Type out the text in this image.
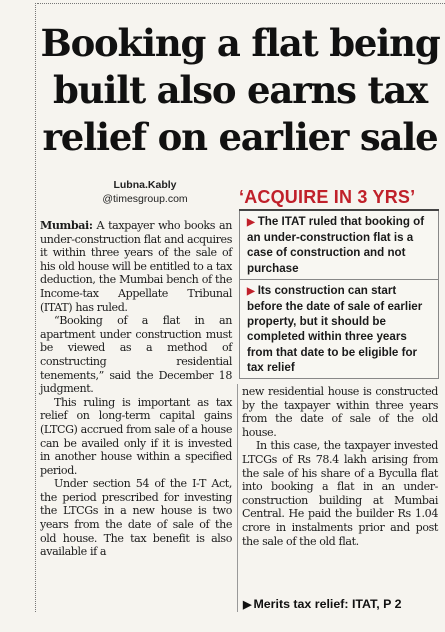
Booking a flat being
built also earns tax
relief on earlier sale
Lubna.Kably
@timesgroup.com	‘ACQUIRE IN 3 YRS’
▶ The ITAT ruled that booking of an under-construction flat is a case of construction and not purchase
▶ Its construction can start before the date of sale of earlier property, but it should be completed within three years from that date to be eligible for tax relief

Mumbai: A taxpayer who books an under-construction flat and acquires it within three years of the sale of his old house will be entitled to a tax deduction, the Mumbai bench of the Income-tax Appellate Tribunal (ITAT) has ruled.

“Booking of a flat in an apartment under construction must be viewed as a method of constructing residential tenements,” said the December 18 judgment.

This ruling is important as tax relief on long-term capital gains (LTCG) accrued from sale of a house can be availed only if it is invested in another house within a specified period.

Under section 54 of the I-T Act, the period prescribed for investing the LTCGs in a new house is two years from the date of sale of the old house. The tax benefit is also available if a

new residential house is constructed by the taxpayer within three years from the date of sale of the old house.

In this case, the taxpayer invested LTCGs of Rs 78.4 lakh arising from the sale of his share of a Byculla flat into booking a flat in an under-construction building at Mumbai Central. He paid the builder Rs 1.04 crore in instalments prior and post the sale of the old flat.

▶ Merits tax relief: ITAT, P 2
